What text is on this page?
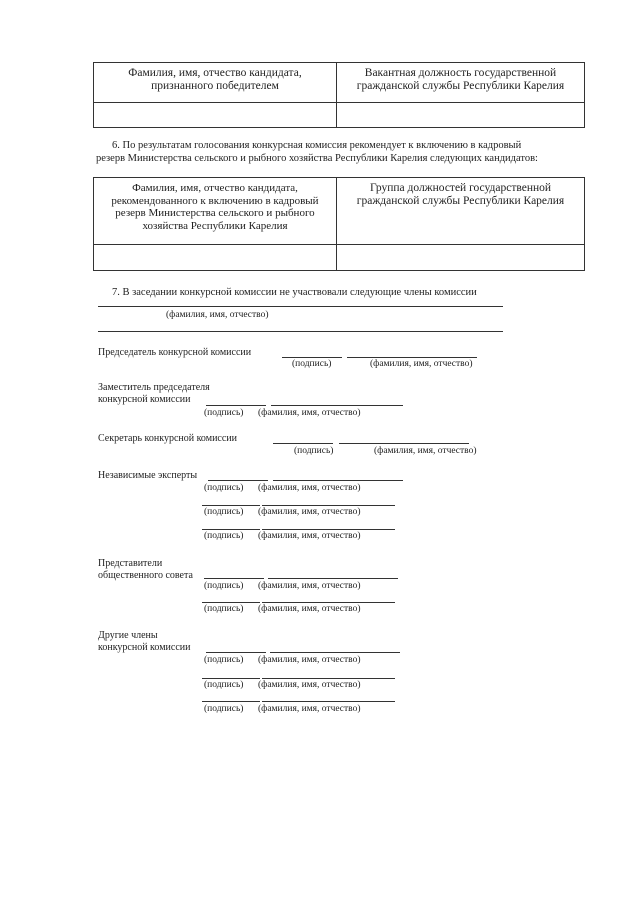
Фамилия, имя, отчество кандидата, признанного победителем	Вакантная должность государственной гражданской службы Республики Карелия

6. По результатам голосования конкурсная комиссия рекомендует к включению в кадровый
резерв Министерства сельского и рыбного хозяйства Республики Карелия следующих кандидатов:
Фамилия, имя, отчество кандидата, рекомендованного к включению в кадровый резерв Министерства сельского и рыбного хозяйства Республики Карелия	Группа должностей государственной гражданской службы Республики Карелия

7. В заседании конкурсной комиссии не участвовали следующие члены комиссии
(фамилия, имя, отчество)
Председатель конкурсной комиссии
(подпись)	(фамилия, имя, отчество)
Заместитель председателя
конкурсной комиссии
(подпись) (фамилия, имя, отчество)
Секретарь конкурсной комиссии
(подпись)	(фамилия, имя, отчество)
Независимые эксперты
(подпись) (фамилия, имя, отчество)
(подпись) (фамилия, имя, отчество)
(подпись) (фамилия, имя, отчество)
Представители
общественного совета
(подпись) (фамилия, имя, отчество)
(подпись) (фамилия, имя, отчество)
Другие члены
конкурсной комиссии
(подпись) (фамилия, имя, отчество)
(подпись) (фамилия, имя, отчество)
(подпись) (фамилия, имя, отчество)
